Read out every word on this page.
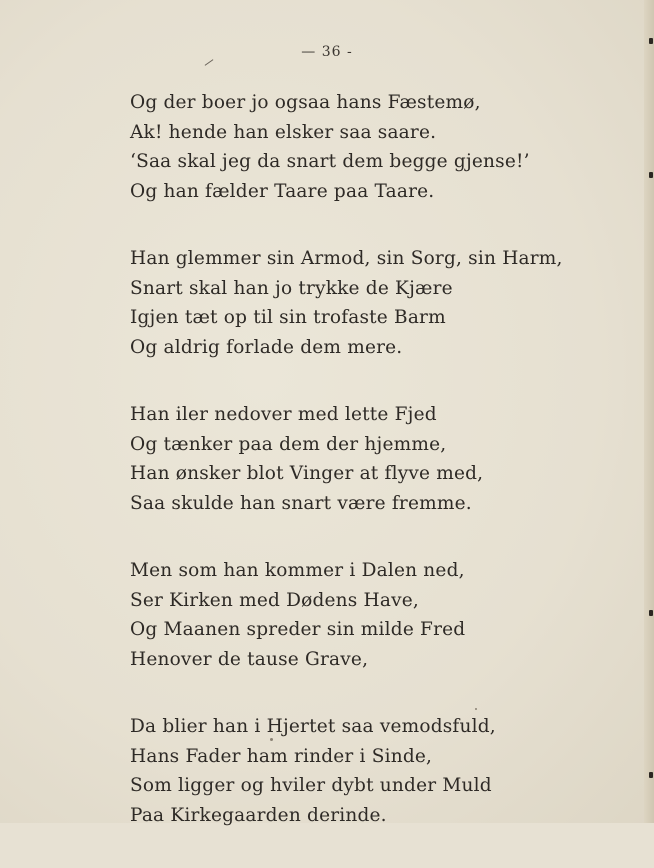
— 36 -
Og der boer jo ogsaa hans Fæstemø,
Ak! hende han elsker saa saare.
‘Saa skal jeg da snart dem begge gjense!’
Og han fælder Taare paa Taare.
Han glemmer sin Armod, sin Sorg, sin Harm,
Snart skal han jo trykke de Kjære
Igjen tæt op til sin trofaste Barm
Og aldrig forlade dem mere.
Han iler nedover med lette Fjed
Og tænker paa dem der hjemme,
Han ønsker blot Vinger at flyve med,
Saa skulde han snart være fremme.
Men som han kommer i Dalen ned,
Ser Kirken med Dødens Have,
Og Maanen spreder sin milde Fred
Henover de tause Grave,
Da blier han i Hjertet saa vemodsfuld,
Hans Fader ham rinder i Sinde,
Som ligger og hviler dybt under Muld
Paa Kirkegaarden derinde.
